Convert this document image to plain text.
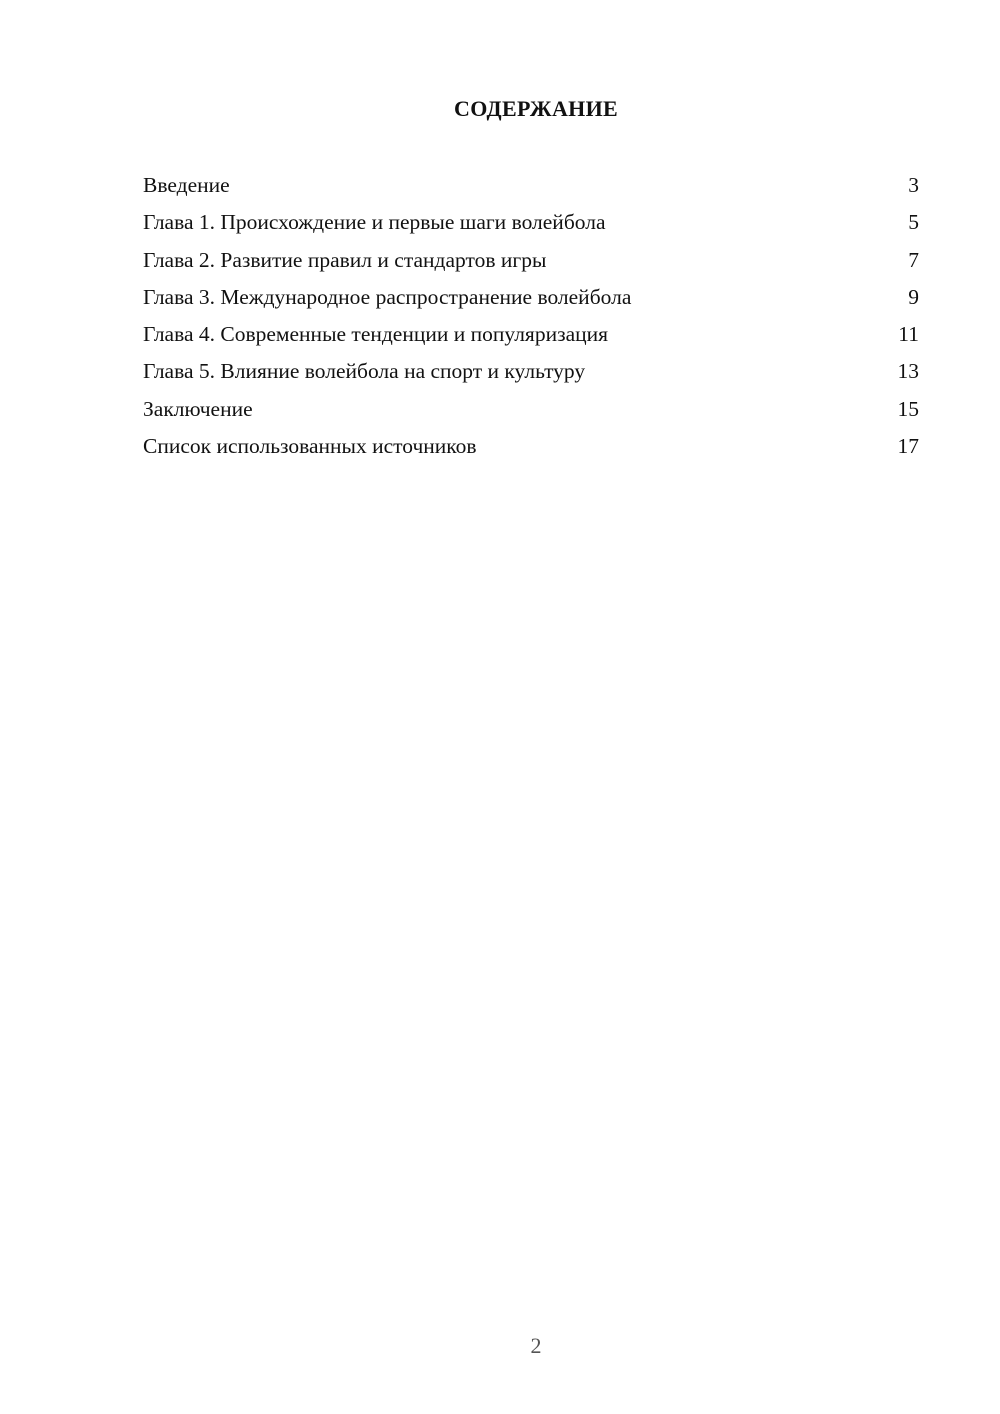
СОДЕРЖАНИЕ
Введение	3
Глава 1. Происхождение и первые шаги волейбола	5
Глава 2. Развитие правил и стандартов игры	7
Глава 3. Международное распространение волейбола	9
Глава 4. Современные тенденции и популяризация	11
Глава 5. Влияние волейбола на спорт и культуру	13
Заключение	15
Список использованных источников	17
2
